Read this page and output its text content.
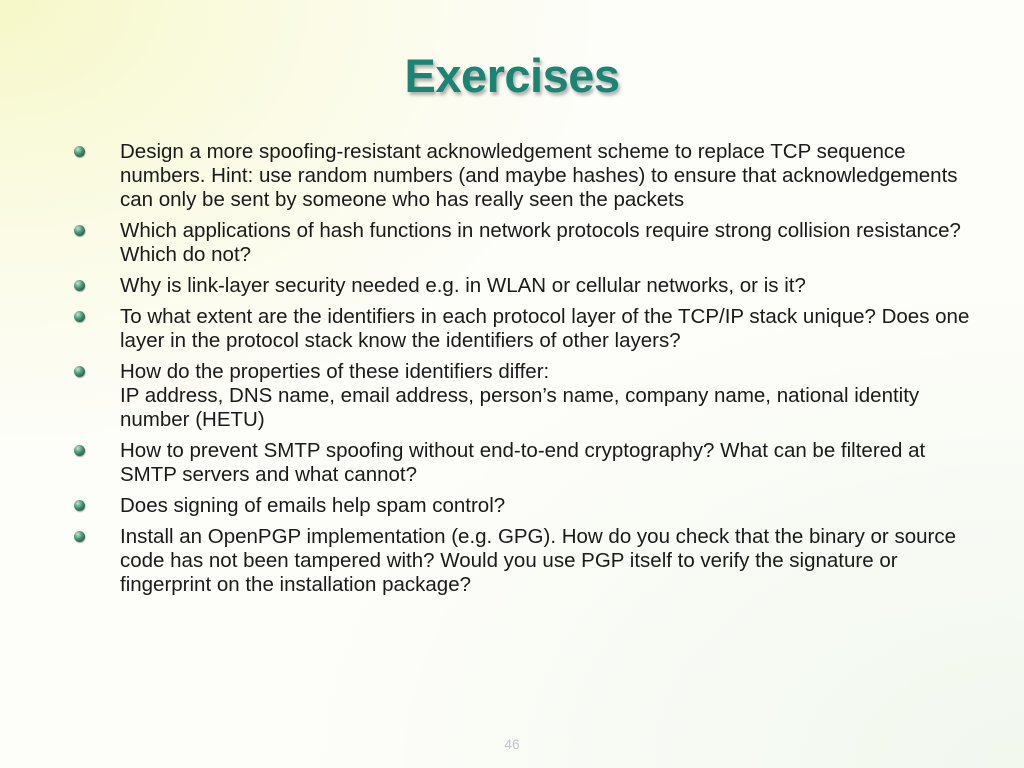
Exercises
Design a more spoofing-resistant acknowledgement scheme to replace TCP sequence numbers. Hint: use random numbers (and maybe hashes) to ensure that acknowledgements can only be sent by someone who has really seen the packets
Which applications of hash functions in network protocols require strong collision resistance? Which do not?
Why is link-layer security needed e.g. in WLAN or cellular networks, or is it?
To what extent are the identifiers in each protocol layer of the TCP/IP stack unique? Does one layer in the protocol stack know the identifiers of other layers?
How do the properties of these identifiers differ:
IP address, DNS name, email address, person’s name, company name, national identity number (HETU)
How to prevent SMTP spoofing without end-to-end cryptography? What can be filtered at SMTP servers and what cannot?
Does signing of emails help spam control?
Install an OpenPGP implementation (e.g. GPG). How do you check that the binary or source code has not been tampered with? Would you use PGP itself to verify the signature or fingerprint on the installation package?
46
